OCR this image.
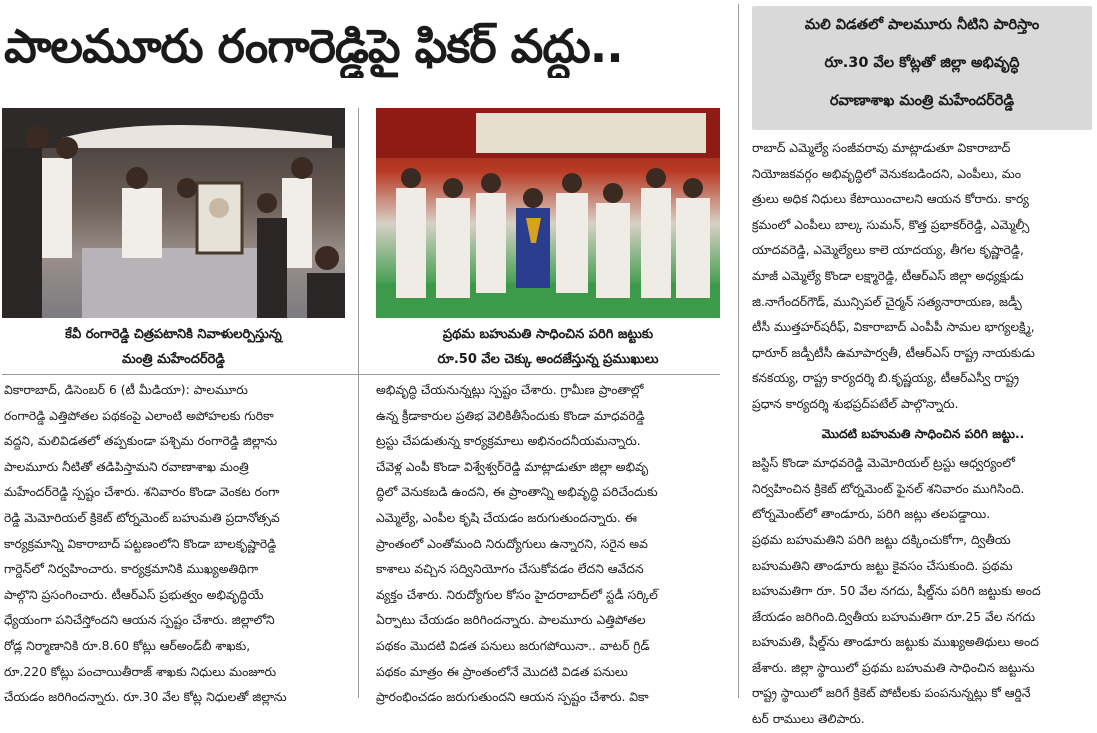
పాలమూరు రంగారెడ్డిపై ఫికర్ వద్దు..	మలి విడతలో పాలమూరు నీటిని పారిస్తాం
రూ.30 వేల కోట్లతో జిల్లా అభివృద్ధి
రవాణాశాఖ మంత్రి మహేందర్‌రెడ్డి
కేవీ రంగారెడ్డి చిత్రపటానికి నివాళులర్పిస్తున్న
మంత్రి మహేందర్‌రెడ్డి
ప్రథమ బహుమతి సాధించిన పరిగి జట్టుకు
రూ.50 వేల చెక్కు అందజేస్తున్న ప్రముఖులు
వికారాబాద్, డిసెంబర్ 6 (టీ మీడియా): పాలమూరు
రంగారెడ్డి ఎత్తిపోతల పథకంపై ఎలాంటి అపోహలకు గురికా
వద్దని, మలివిడతలో తప్పకుండా పశ్చిమ రంగారెడ్డి జిల్లాను
పాలమూరు నీటితో తడిపిస్తామని రవాణాశాఖ మంత్రి
మహేందర్‌రెడ్డి స్పష్టం చేశారు. శనివారం కొండా వెంకట రంగా
రెడ్డి మెమోరియల్ క్రికెట్ టోర్నమెంట్ బహుమతి ప్రదానోత్సవ
కార్యక్రమాన్ని వికారాబాద్ పట్టణంలోని కొండా బాలకృష్ణారెడ్డి
గార్డెన్‌లో నిర్వహించారు. కార్యక్రమానికి ముఖ్యఅతిథిగా
పాల్గొని ప్రసంగించారు. టీఆర్‌ఎస్ ప్రభుత్వం అభివృద్ధియే
ధ్యేయంగా పనిచేస్తోందని ఆయన స్పష్టం చేశారు. జిల్లాలోని
రోడ్ల నిర్మాణానికి రూ.8.60 కోట్లు ఆర్‌అండ్‌బీ శాఖకు,
రూ.220 కోట్లు పంచాయితీరాజ్ శాఖకు నిధులు మంజూరు
చేయడం జరిగిందన్నారు. రూ.30 వేల కోట్ల నిధులతో జిల్లాను
అభివృద్ధి చేయనున్నట్లు స్పష్టం చేశారు. గ్రామీణ ప్రాంతాల్లో
ఉన్న క్రీడాకారుల ప్రతిభ వెలికితీసేందుకు కొండా మాధవరెడ్డి
ట్రస్టు చేపడుతున్న కార్యక్రమాలు అభినందనీయమన్నారు.
చేవెళ్ల ఎంపీ కొండా విశ్వేశ్వర్‌రెడ్డి మాట్లాడుతూ జిల్లా అభివృ
ద్ధిలో వెనుకబడి ఉందని, ఈ ప్రాంతాన్ని అభివృద్ధి పరిచేందుకు
ఎమ్మెల్యే, ఎంపీల కృషి చేయడం జరుగుతుందన్నారు. ఈ
ప్రాంతంలో ఎంతోమంది నిరుద్యోగులు ఉన్నారని, సరైన అవ
కాశాలు వచ్చిన సద్వినియోగం చేసుకోవడం లేదని ఆవేదన
వ్యక్తం చేశారు. నిరుద్యోగుల కోసం హైదరాబాద్‌లో స్టడీ సర్కిల్
ఏర్పాటు చేయడం జరిగిందన్నారు. పాలమూరు ఎత్తిపోతల
పథకం మొదటి విడత పనులు జరుగపోయినా.. వాటర్ గ్రిడ్
పథకం మాత్రం ఈ ప్రాంతంలోనే మొదటి విడత పనులు
ప్రారంభించడం జరుగుతుందని ఆయన స్పష్టం చేశారు. వికా
రాబాద్ ఎమ్మెల్యే సంజీవరావు మాట్లాడుతూ వికారాబాద్
నియోజకవర్గం అభివృద్ధిలో వెనుకబడిందని, ఎంపీలు, మం
త్రులు అధిక నిధులు కేటాయించాలని ఆయన కోరారు. కార్య
క్రమంలో ఎంపీలు బాల్క సుమన్, కొత్త ప్రభాకర్‌రెడ్డి, ఎమ్మెల్సీ
యాదవరెడ్డి, ఎమ్మెల్యేలు కాలె యాదయ్య, తీగల కృష్ణారెడ్డి,
మాజీ ఎమ్మెల్యే కొండా లక్ష్మారెడ్డి, టీఆర్‌ఎస్ జిల్లా అధ్యక్షుడు
జి.నాగేందర్‌గౌడ్, మున్సిపల్ చైర్మన్ సత్యనారాయణ, జడ్పీ
టీసీ ముత్తహర్‌షరీఫ్, వికారాబాద్ ఎంపీపీ సామల భాగ్యలక్ష్మి,
ధారూర్ జడ్పీటీసీ ఉమాపార్వతీ, టీఆర్‌ఎస్ రాష్ట్ర నాయకుడు
కనకయ్య, రాష్ట్ర కార్యదర్శి బి.కృష్ణయ్య, టీఆర్‌ఎస్వీ రాష్ట్ర
ప్రధాన కార్యదర్శి శుభప్రద్‌పటేల్ పాల్గొన్నారు.
మొదటి బహుమతి సాధించిన పరిగి జట్టు..
జస్టిస్ కొండా మాధవరెడ్డి మెమోరియల్ ట్రస్టు ఆధ్వర్యంలో
నిర్వహించిన క్రికెట్ టోర్నమెంట్ ఫైనల్ శనివారం ముగిసింది.
టోర్నమెంట్‌లో తాండూరు, పరిగి జట్లు తలపడ్డాయి.
ప్రథమ బహుమతిని పరిగి జట్టు దక్కించుకోగా, ద్వితీయ
బహుమతిని తాండూరు జట్టు కైవసం చేసుకుంది. ప్రథమ
బహుమతిగా రూ. 50 వేల నగదు, షీల్డ్‌ను పరిగి జట్టుకు అంద
జేయడం జరిగింది.ద్వితీయ బహుమతిగా రూ.25 వేల నగదు
బహుమతి, షీల్డ్‌ను తాండూరు జట్టుకు ముఖ్యఅతిథులు అంద
జేశారు. జిల్లా స్థాయిలో ప్రథమ బహుమతి సాధించిన జట్టును
రాష్ట్ర స్థాయిలో జరిగే క్రికెట్ పోటీలకు పంపనున్నట్లు కో ఆర్డినే
టర్ రాములు తెలిపారు.
